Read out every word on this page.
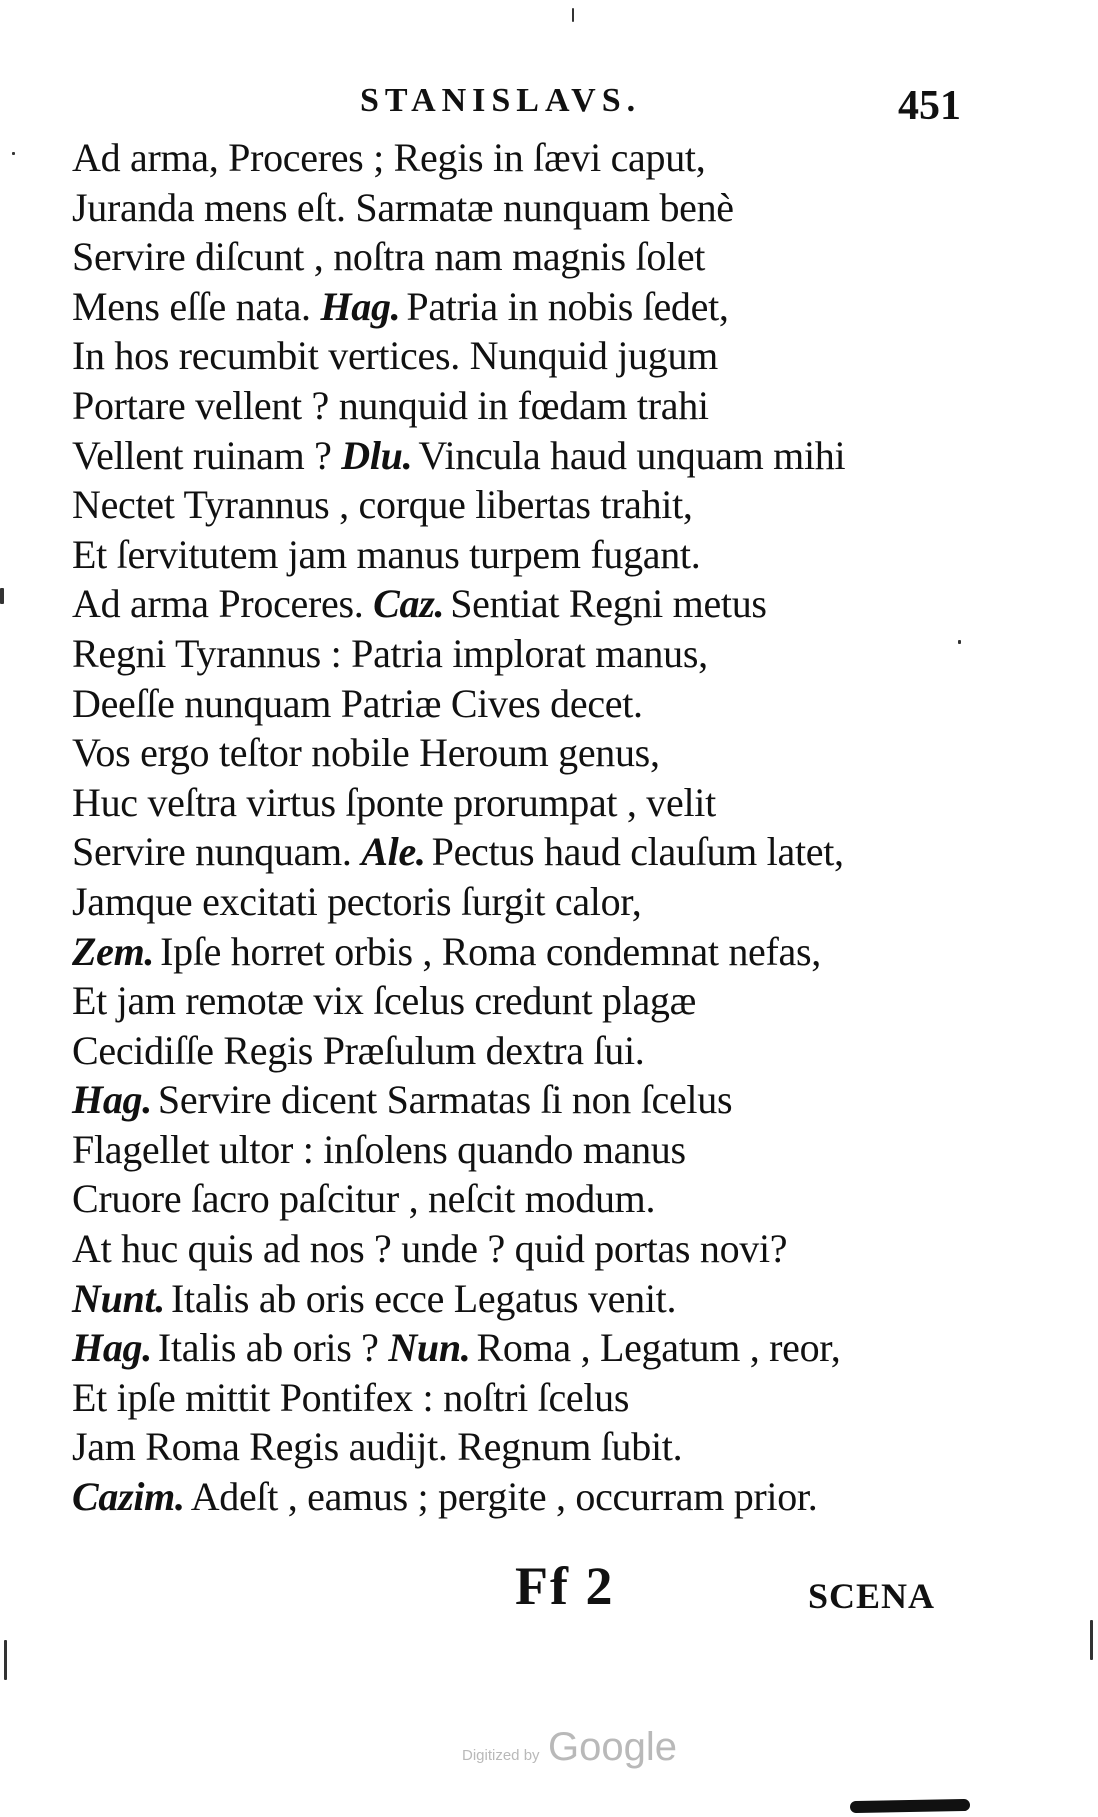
STANISLAVS.	451
Ad arma, Proceres ; Regis in ſævi caput,
Juranda mens eſt. Sarmatæ nunquam benè
Servire diſcunt , noſtra nam magnis ſolet
Mens eſſe nata. Hag. Patria in nobis ſedet,
In hos recumbit vertices. Nunquid jugum
Portare vellent ? nunquid in fœdam trahi
Vellent ruinam ? Dlu. Vincula haud unquam mihi
Nectet Tyrannus , corque libertas trahit,
Et ſervitutem jam manus turpem fugant.
Ad arma Proceres. Caz. Sentiat Regni metus
Regni Tyrannus : Patria implorat manus,
Deeſſe nunquam Patriæ Cives decet.
Vos ergo teſtor nobile Heroum genus,
Huc veſtra virtus ſponte prorumpat , velit
Servire nunquam. Ale. Pectus haud clauſum latet,
Jamque excitati pectoris ſurgit calor,
Zem. Ipſe horret orbis , Roma condemnat nefas,
Et jam remotæ vix ſcelus credunt plagæ
Cecidiſſe Regis Præſulum dextra ſui.
Hag. Servire dicent Sarmatas ſi non ſcelus
Flagellet ultor : inſolens quando manus
Cruore ſacro paſcitur , neſcit modum.
At huc quis ad nos ? unde ? quid portas novi?
Nunt. Italis ab oris ecce Legatus venit.
Hag. Italis ab oris ? Nun. Roma , Legatum , reor,
Et ipſe mittit Pontifex : noſtri ſcelus
Jam Roma Regis audijt. Regnum ſubit.
Cazim. Adeſt , eamus ; pergite , occurram prior.
Ff 2	SCENA
Digitized by Google
